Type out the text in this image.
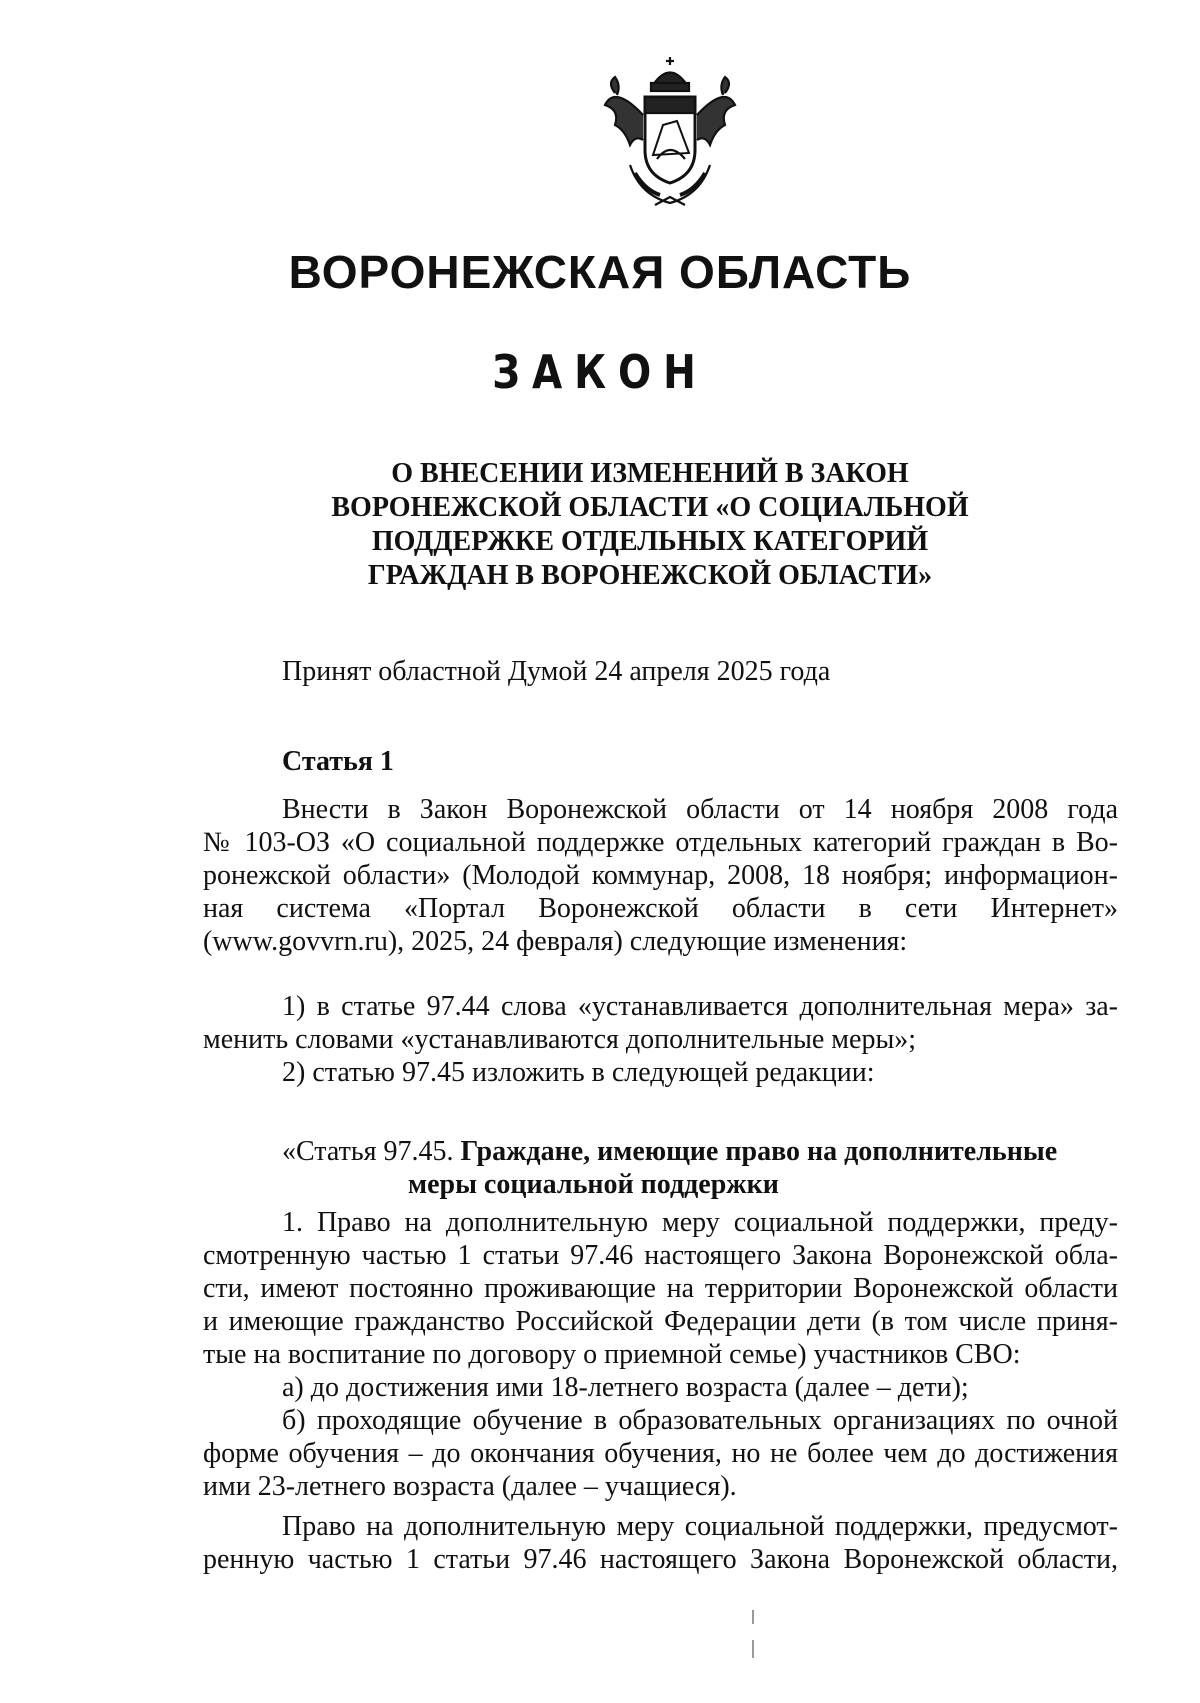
ВОРОНЕЖСКАЯ ОБЛАСТЬ
ЗАКОН
О ВНЕСЕНИИ ИЗМЕНЕНИЙ В ЗАКОН
ВОРОНЕЖСКОЙ ОБЛАСТИ «О СОЦИАЛЬНОЙ
ПОДДЕРЖКЕ ОТДЕЛЬНЫХ КАТЕГОРИЙ
ГРАЖДАН В ВОРОНЕЖСКОЙ ОБЛАСТИ»
Принят областной Думой 24 апреля 2025 года
Статья 1
Внести в Закон Воронежской области от 14 ноября 2008 года
№ 103-ОЗ «О социальной поддержке отдельных категорий граждан в Во-
ронежской области» (Молодой коммунар, 2008, 18 ноября; информацион-
ная система «Портал Воронежской области в сети Интернет»
(www.govvrn.ru), 2025, 24 февраля) следующие изменения:
1) в статье 97.44 слова «устанавливается дополнительная мера» за-
менить словами «устанавливаются дополнительные меры»;
2) статью 97.45 изложить в следующей редакции:
«Статья 97.45. Граждане, имеющие право на дополнительные
меры социальной поддержки
1. Право на дополнительную меру социальной поддержки, преду-
смотренную частью 1 статьи 97.46 настоящего Закона Воронежской обла-
сти, имеют постоянно проживающие на территории Воронежской области
и имеющие гражданство Российской Федерации дети (в том числе приня-
тые на воспитание по договору о приемной семье) участников СВО:
а) до достижения ими 18-летнего возраста (далее – дети);
б) проходящие обучение в образовательных организациях по очной
форме обучения – до окончания обучения, но не более чем до достижения
ими 23-летнего возраста (далее – учащиеся).
Право на дополнительную меру социальной поддержки, предусмот-
ренную частью 1 статьи 97.46 настоящего Закона Воронежской области,
